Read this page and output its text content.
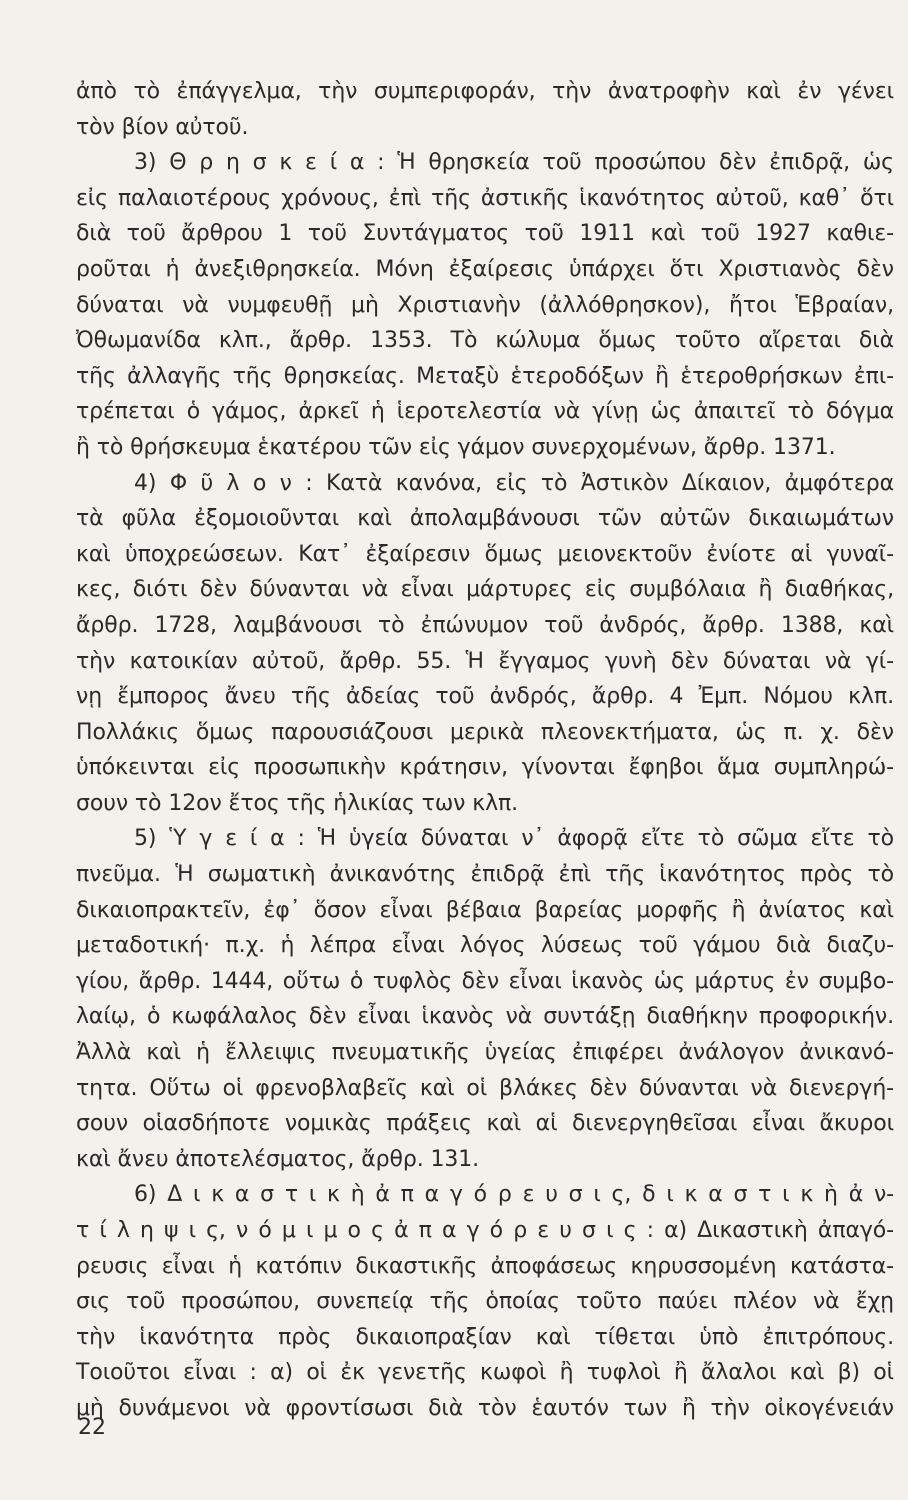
ἀπὸ τὸ ἐπάγγελμα, τὴν συμπεριφοράν, τὴν ἀνατροφὴν καὶ ἐν γένει
τὸν βίον αὐτοῦ.
3) Θ ρ η σ κ ε ί α : Ἡ θρησκεία τοῦ προσώπου δὲν ἐπιδρᾷ, ὡς
εἰς παλαιοτέρους χρόνους, ἐπὶ τῆς ἀστικῆς ἱκανότητος αὐτοῦ, καθ᾽ ὅτι
διὰ τοῦ ἄρθρου 1 τοῦ Συντάγματος τοῦ 1911 καὶ τοῦ 1927 καθιε-
ροῦται ἡ ἀνεξιθρησκεία. Μόνη ἐξαίρεσις ὑπάρχει ὅτι Χριστιανὸς δὲν
δύναται νὰ νυμφευθῇ μὴ Χριστιανὴν (ἀλλόθρησκον), ἤτοι Ἑβραίαν,
Ὀθωμανίδα κλπ., ἄρθρ. 1353. Τὸ κώλυμα ὅμως τοῦτο αἴρεται διὰ
τῆς ἀλλαγῆς τῆς θρησκείας. Μεταξὺ ἑτεροδόξων ἢ ἑτεροθρήσκων ἐπι-
τρέπεται ὁ γάμος, ἀρκεῖ ἡ ἱεροτελεστία νὰ γίνῃ ὡς ἀπαιτεῖ τὸ δόγμα
ἢ τὸ θρήσκευμα ἑκατέρου τῶν εἰς γάμον συνερχομένων, ἄρθρ. 1371.
4) Φ ῦ λ ο ν : Κατὰ κανόνα, εἰς τὸ Ἀστικὸν Δίκαιον, ἀμφότερα
τὰ φῦλα ἐξομοιοῦνται καὶ ἀπολαμβάνουσι τῶν αὐτῶν δικαιωμάτων
καὶ ὑποχρεώσεων. Κατ᾽ ἐξαίρεσιν ὅμως μειονεκτοῦν ἐνίοτε αἱ γυναῖ-
κες, διότι δὲν δύνανται νὰ εἶναι μάρτυρες εἰς συμβόλαια ἢ διαθήκας,
ἄρθρ. 1728, λαμβάνουσι τὸ ἐπώνυμον τοῦ ἀνδρός, ἄρθρ. 1388, καὶ
τὴν κατοικίαν αὐτοῦ, ἄρθρ. 55. Ἡ ἔγγαμος γυνὴ δὲν δύναται νὰ γί-
νῃ ἔμπορος ἄνευ τῆς ἀδείας τοῦ ἀνδρός, ἄρθρ. 4 Ἐμπ. Νόμου κλπ.
Πολλάκις ὅμως παρουσιάζουσι μερικὰ πλεονεκτήματα, ὡς π. χ. δὲν
ὑπόκεινται εἰς προσωπικὴν κράτησιν, γίνονται ἔφηβοι ἅμα συμπληρώ-
σουν τὸ 12ον ἔτος τῆς ἡλικίας των κλπ.
5) Ὑ γ ε ί α : Ἡ ὑγεία δύναται ν᾽ ἀφορᾷ εἴτε τὸ σῶμα εἴτε τὸ
πνεῦμα. Ἡ σωματικὴ ἀνικανότης ἐπιδρᾷ ἐπὶ τῆς ἱκανότητος πρὸς τὸ
δικαιοπρακτεῖν, ἐφ᾽ ὅσον εἶναι βέβαια βαρείας μορφῆς ἢ ἀνίατος καὶ
μεταδοτική· π.χ. ἡ λέπρα εἶναι λόγος λύσεως τοῦ γάμου διὰ διαζυ-
γίου, ἄρθρ. 1444, οὕτω ὁ τυφλὸς δὲν εἶναι ἱκανὸς ὡς μάρτυς ἐν συμβο-
λαίῳ, ὁ κωφάλαλος δὲν εἶναι ἱκανὸς νὰ συντάξῃ διαθήκην προφορικήν.
Ἀλλὰ καὶ ἡ ἔλλειψις πνευματικῆς ὑγείας ἐπιφέρει ἀνάλογον ἀνικανό-
τητα. Οὕτω οἱ φρενοβλαβεῖς καὶ οἱ βλάκες δὲν δύνανται νὰ διενεργή-
σουν οἱασδήποτε νομικὰς πράξεις καὶ αἱ διενεργηθεῖσαι εἶναι ἄκυροι
καὶ ἄνευ ἀποτελέσματος, ἄρθρ. 131.
6) Δ ι κ α σ τ ι κ ὴ ἀ π α γ ό ρ ε υ σ ι ς, δ ι κ α σ τ ι κ ὴ ἀ ν-
τ ί λ η ψ ι ς, ν ό μ ι μ ο ς ἀ π α γ ό ρ ε υ σ ι ς : α) Δικαστικὴ ἀπαγό-
ρευσις εἶναι ἡ κατόπιν δικαστικῆς ἀποφάσεως κηρυσσομένη κατάστα-
σις τοῦ προσώπου, συνεπείᾳ τῆς ὁποίας τοῦτο παύει πλέον νὰ ἔχῃ
τὴν ἱκανότητα πρὸς δικαιοπραξίαν καὶ τίθεται ὑπὸ ἐπιτρόπους.
Τοιοῦτοι εἶναι : α) οἱ ἐκ γενετῆς κωφοὶ ἢ τυφλοὶ ἢ ἄλαλοι καὶ β) οἱ
μὴ δυνάμενοι νὰ φροντίσωσι διὰ τὸν ἑαυτόν των ἢ τὴν οἰκογένειάν
22
